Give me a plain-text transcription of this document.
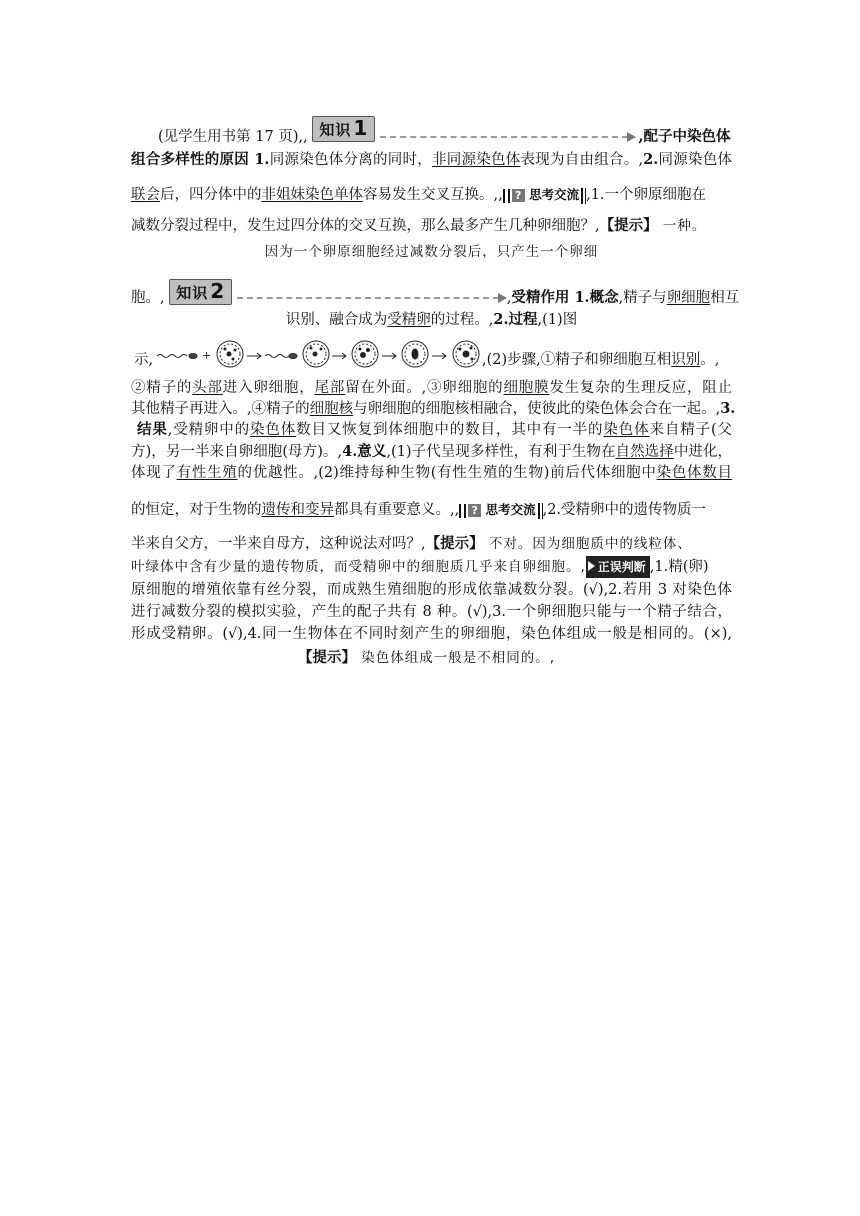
(见学生用书第 17 页),, 知识 1	,配子中染色体
组合多样性的原因 1.同源染色体分离的同时，非同源染色体表现为自由组合。,2.同源染色体
联会后，四分体中的非姐妹染色单体容易发生交叉互换。,, ? 思考交流 ,1.一个卵原细胞在
减数分裂过程中，发生过四分体的交叉互换，那么最多产生几种卵细胞？,【提示】 一种。
因为一个卵原细胞经过减数分裂后，只产生一个卵细
胞。, 知识 2	,受精作用 1.概念,精子与卵细胞相互
识别、融合成为受精卵的过程。,2.过程,(1)图
示,	+	,(2)步骤,①精子和卵细胞互相识别。,
②精子的头部进入卵细胞，尾部留在外面。,③卵细胞的细胞膜发生复杂的生理反应，阻止
其他精子再进入。,④精子的细胞核与卵细胞的细胞核相融合，使彼此的染色体会合在一起。,3.
结果,受精卵中的染色体数目又恢复到体细胞中的数目，其中有一半的染色体来自精子(父
方)，另一半来自卵细胞(母方)。,4.意义,(1)子代呈现多样性，有利于生物在自然选择中进化，
体现了有性生殖的优越性。,(2)维持每种生物(有性生殖的生物)前后代体细胞中染色体数目
的恒定，对于生物的遗传和变异都具有重要意义。,, ? 思考交流 ,2.受精卵中的遗传物质一
半来自父方，一半来自母方，这种说法对吗？,【提示】 不对。因为细胞质中的线粒体、
叶绿体中含有少量的遗传物质，而受精卵中的细胞质几乎来自卵细胞。, 正误判断 ,1.精(卵)
原细胞的增殖依靠有丝分裂，而成熟生殖细胞的形成依靠减数分裂。(√),2.若用 3 对染色体
进行减数分裂的模拟实验，产生的配子共有 8 种。(√),3.一个卵细胞只能与一个精子结合，
形成受精卵。(√),4.同一生物体在不同时刻产生的卵细胞，染色体组成一般是相同的。(×),
【提示】 染色体组成一般是不相同的。,
